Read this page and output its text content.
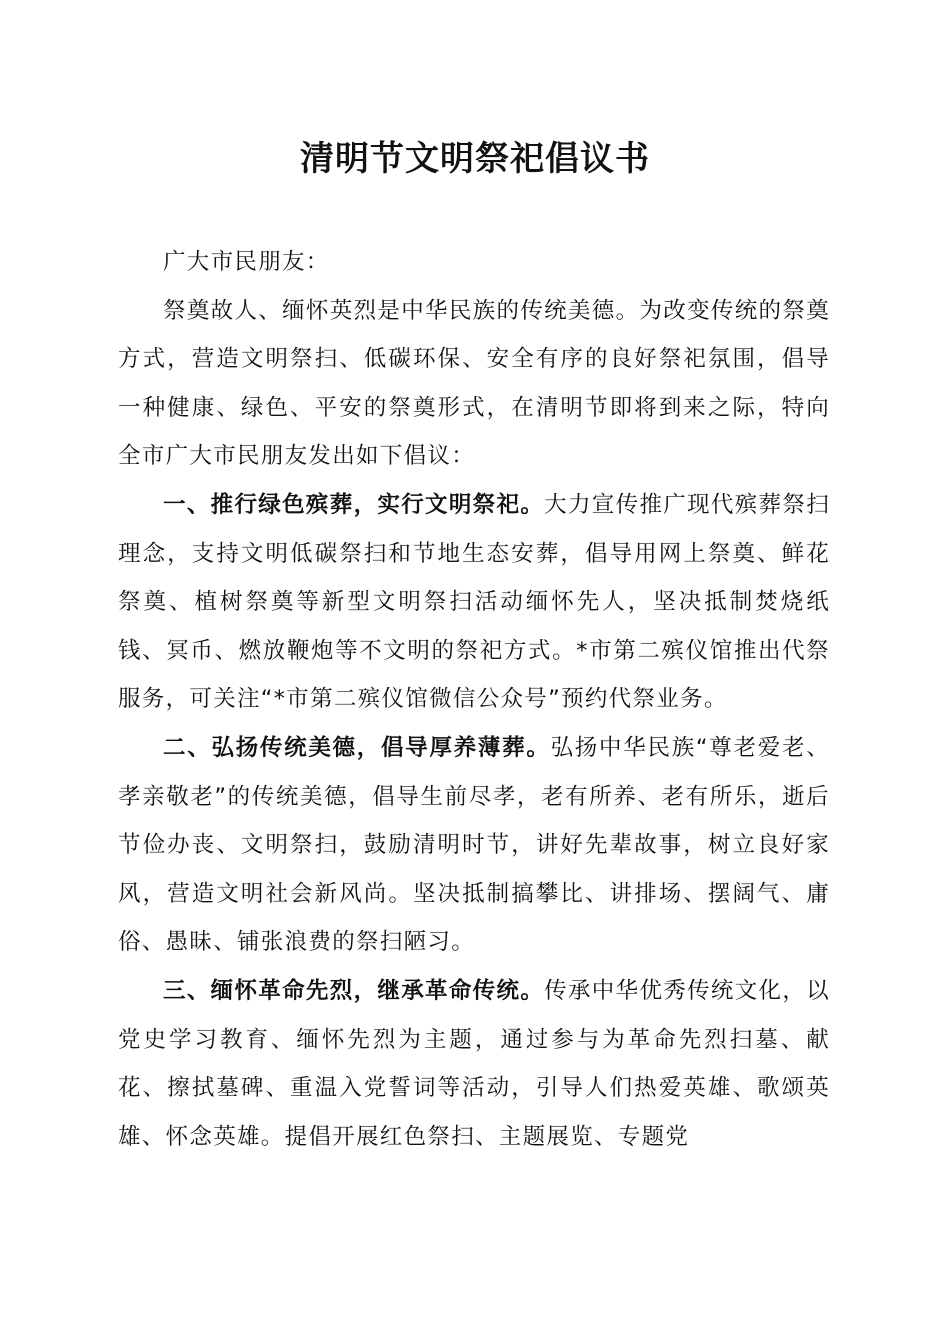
清明节文明祭祀倡议书

广大市民朋友：

祭奠故人、缅怀英烈是中华民族的传统美德。为改变传统的祭奠方式，营造文明祭扫、低碳环保、安全有序的良好祭祀氛围，倡导一种健康、绿色、平安的祭奠形式，在清明节即将到来之际，特向全市广大市民朋友发出如下倡议：

一、推行绿色殡葬，实行文明祭祀。大力宣传推广现代殡葬祭扫理念，支持文明低碳祭扫和节地生态安葬，倡导用网上祭奠、鲜花祭奠、植树祭奠等新型文明祭扫活动缅怀先人，坚决抵制焚烧纸钱、冥币、燃放鞭炮等不文明的祭祀方式。*市第二殡仪馆推出代祭服务，可关注“*市第二殡仪馆微信公众号”预约代祭业务。

二、弘扬传统美德，倡导厚养薄葬。弘扬中华民族“尊老爱老、孝亲敬老”的传统美德，倡导生前尽孝，老有所养、老有所乐，逝后节俭办丧、文明祭扫，鼓励清明时节，讲好先辈故事，树立良好家风，营造文明社会新风尚。坚决抵制搞攀比、讲排场、摆阔气、庸俗、愚昧、铺张浪费的祭扫陋习。

三、缅怀革命先烈，继承革命传统。传承中华优秀传统文化，以党史学习教育、缅怀先烈为主题，通过参与为革命先烈扫墓、献花、擦拭墓碑、重温入党誓词等活动，引导人们热爱英雄、歌颂英雄、怀念英雄。提倡开展红色祭扫、主题展览、专题党
